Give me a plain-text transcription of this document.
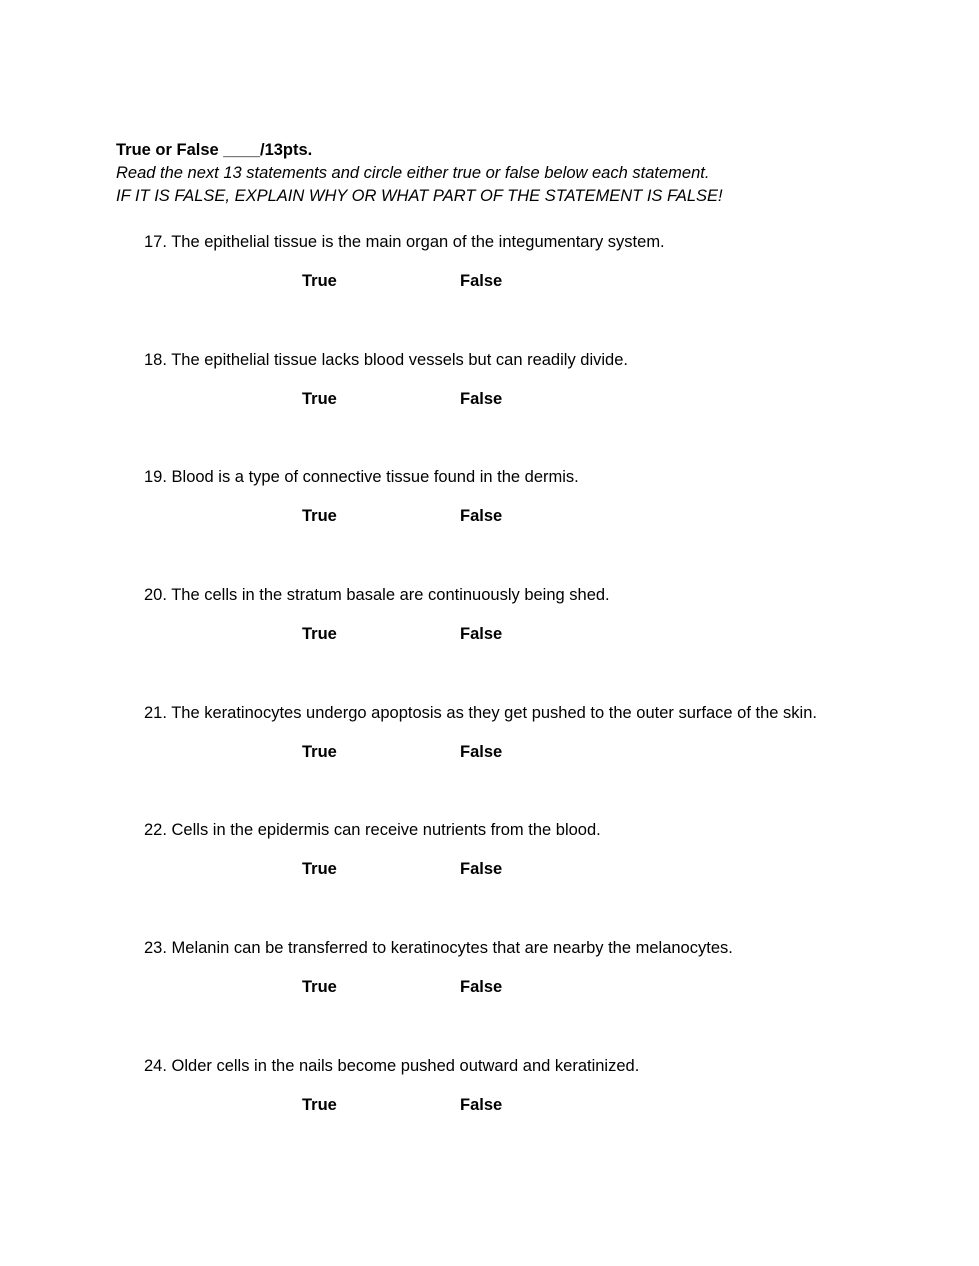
True or False ____/13pts.
Read the next 13 statements and circle either true or false below each statement.
IF IT IS FALSE, EXPLAIN WHY OR WHAT PART OF THE STATEMENT IS FALSE!
17. The epithelial tissue is the main organ of the integumentary system.
True	False
18. The epithelial tissue lacks blood vessels but can readily divide.
True	False
19. Blood is a type of connective tissue found in the dermis.
True	False
20. The cells in the stratum basale are continuously being shed.
True	False
21. The keratinocytes undergo apoptosis as they get pushed to the outer surface of the skin.
True	False
22. Cells in the epidermis can receive nutrients from the blood.
True	False
23. Melanin can be transferred to keratinocytes that are nearby the melanocytes.
True	False
24. Older cells in the nails become pushed outward and keratinized.
True	False
